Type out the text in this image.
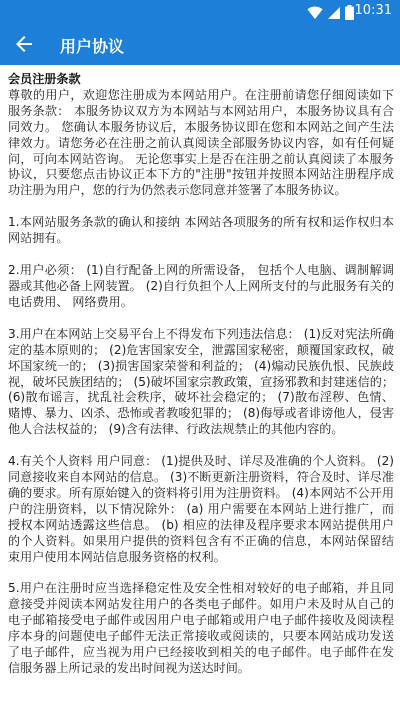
10:31
用户协议

会员注册条款
尊敬的用户，欢迎您注册成为本网站用户。在注册前请您仔细阅读如下服务条款： 本服务协议双方为本网站与本网站用户，本服务协议具有合同效力。 您确认本服务协议后，本服务协议即在您和本网站之间产生法律效力。请您务必在注册之前认真阅读全部服务协议内容，如有任何疑问，可向本网站咨询。 无论您事实上是否在注册之前认真阅读了本服务协议，只要您点击协议正本下方的"注册"按钮并按照本网站注册程序成功注册为用户，您的行为仍然表示您同意并签署了本服务协议。

1.本网站服务条款的确认和接纳 本网站各项服务的所有权和运作权归本网站拥有。

2.用户必须： (1)自行配备上网的所需设备， 包括个人电脑、调制解调器或其他必备上网装置。 (2)自行负担个人上网所支付的与此服务有关的电话费用、 网络费用。

3.用户在本网站上交易平台上不得发布下列违法信息： (1)反对宪法所确定的基本原则的； (2)危害国家安全，泄露国家秘密，颠覆国家政权，破坏国家统一的； (3)损害国家荣誉和利益的； (4)煽动民族仇恨、民族歧视，破坏民族团结的； (5)破坏国家宗教政策，宣扬邪教和封建迷信的； (6)散布谣言，扰乱社会秩序，破坏社会稳定的； (7)散布淫秽、色情、赌博、暴力、凶杀、恐怖或者教唆犯罪的； (8)侮辱或者诽谤他人，侵害他人合法权益的； (9)含有法律、行政法规禁止的其他内容的。

4.有关个人资料 用户同意： (1)提供及时、详尽及准确的个人资料。 (2)同意接收来自本网站的信息。 (3)不断更新注册资料，符合及时、详尽准确的要求。所有原始键入的资料将引用为注册资料。 (4)本网站不公开用户的注册资料，以下情况除外： (a) 用户需要在本网站上进行推广，而授权本网站透露这些信息。 (b) 相应的法律及程序要求本网站提供用户的个人资料。如果用户提供的资料包含有不正确的信息，本网站保留结束用户使用本网站信息服务资格的权利。

5.用户在注册时应当选择稳定性及安全性相对较好的电子邮箱，并且同意接受并阅读本网站发往用户的各类电子邮件。如用户未及时从自己的电子邮箱接受电子邮件或因用户电子邮箱或用户电子邮件接收及阅读程序本身的问题使电子邮件无法正常接收或阅读的，只要本网站成功发送了电子邮件，应当视为用户已经接收到相关的电子邮件。电子邮件在发信服务器上所记录的发出时间视为送达时间。
